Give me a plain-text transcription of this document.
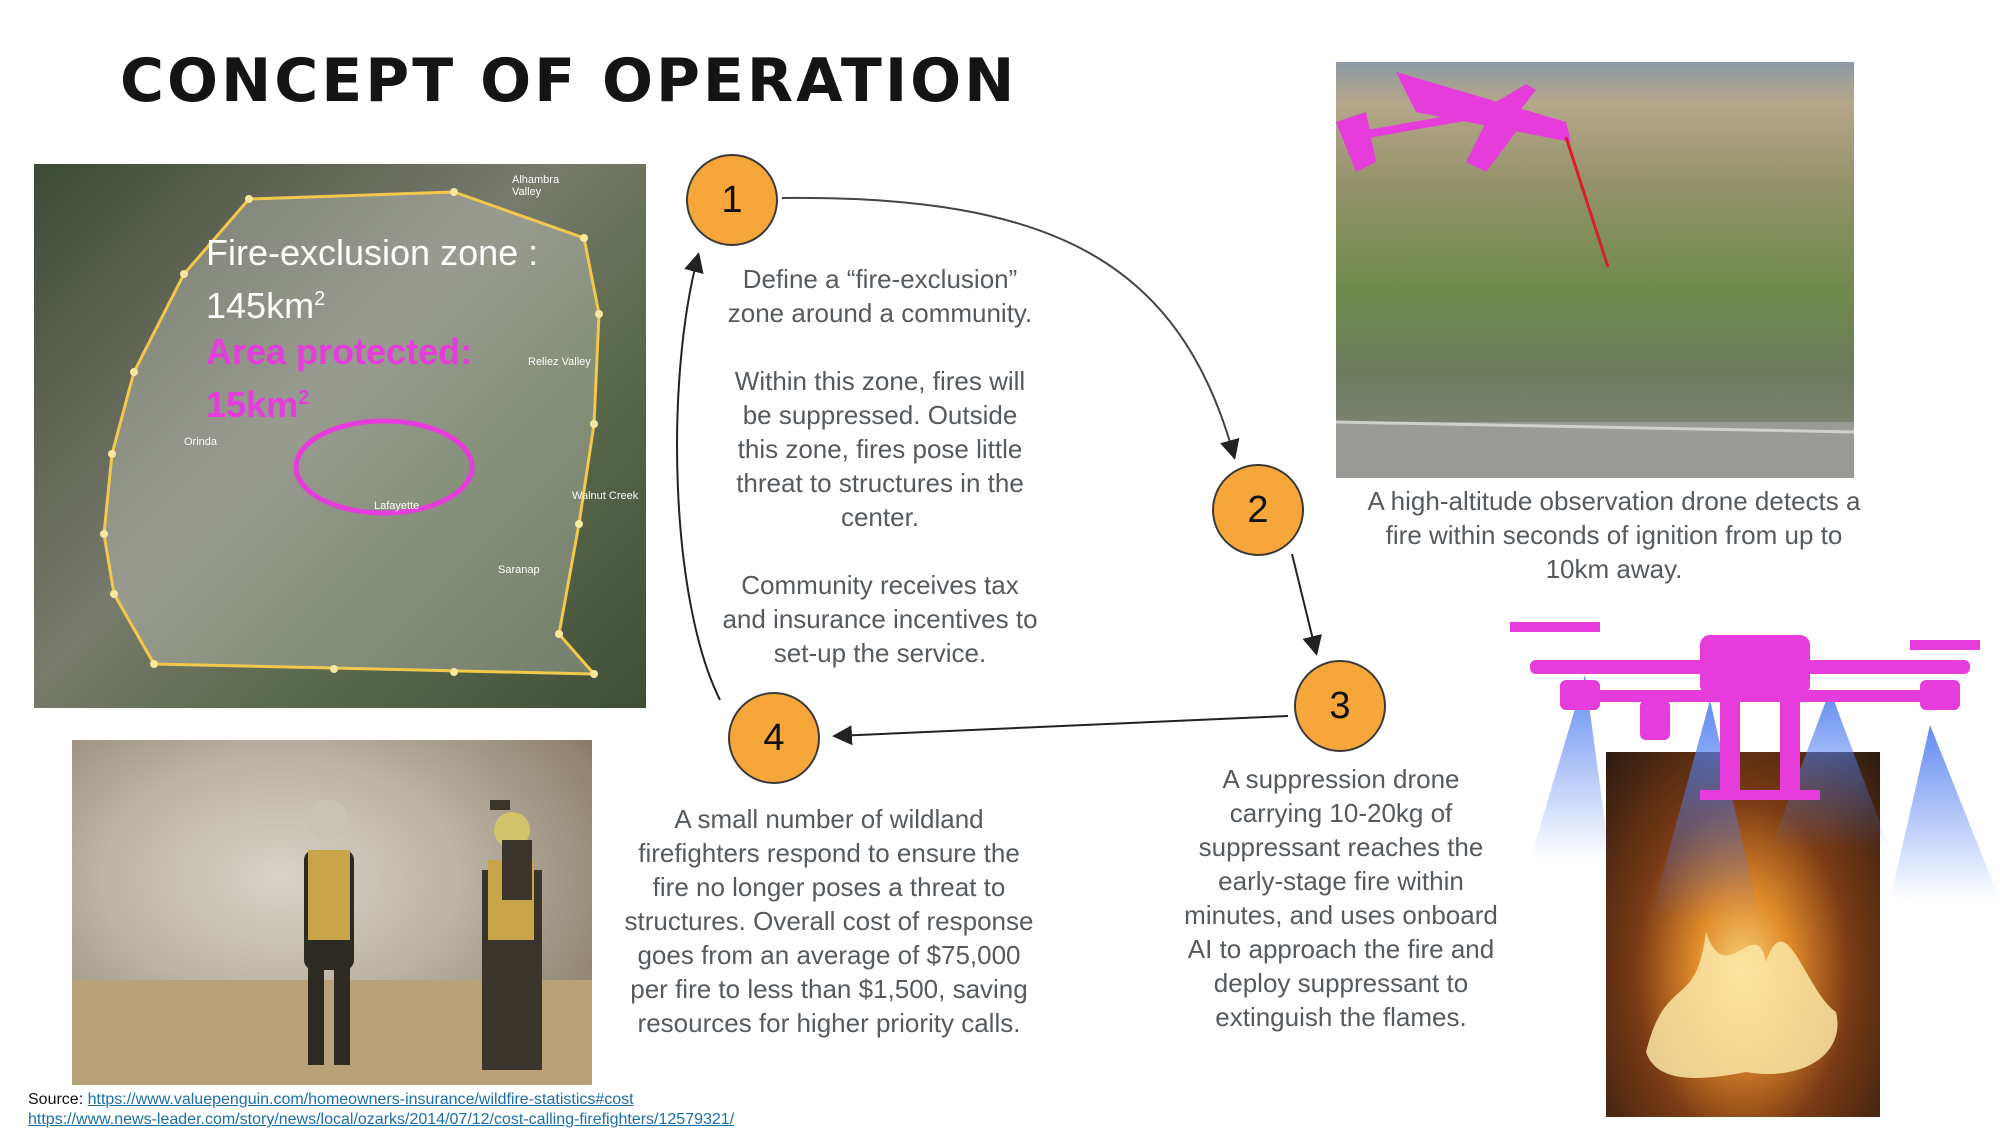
CONCEPT OF OPERATION
Fire-exclusion zone :
$145km^2$
Area protected:
$15km^2$
Alhambra Valley
Reliez Valley
Orinda
Lafayette
Walnut Creek
Saranap
1
2
3
4
Define a “fire-exclusion”
zone around a community.

Within this zone, fires will
be suppressed. Outside
this zone, fires pose little
threat to structures in the
center.

Community receives tax
and insurance incentives to
set-up the service.
A high-altitude observation drone detects a
fire within seconds of ignition from up to
10km away.
A suppression drone
carrying 10-20kg of
suppressant reaches the
early-stage fire within
minutes, and uses onboard
AI to approach the fire and
deploy suppressant to
extinguish the flames.
A small number of wildland
firefighters respond to ensure the
fire no longer poses a threat to
structures. Overall cost of response
goes from an average of $75,000
per fire to less than $1,500, saving
resources for higher priority calls.
Source: https://www.valuepenguin.com/homeowners-insurance/wildfire-statistics#cost
https://www.news-leader.com/story/news/local/ozarks/2014/07/12/cost-calling-firefighters/12579321/
